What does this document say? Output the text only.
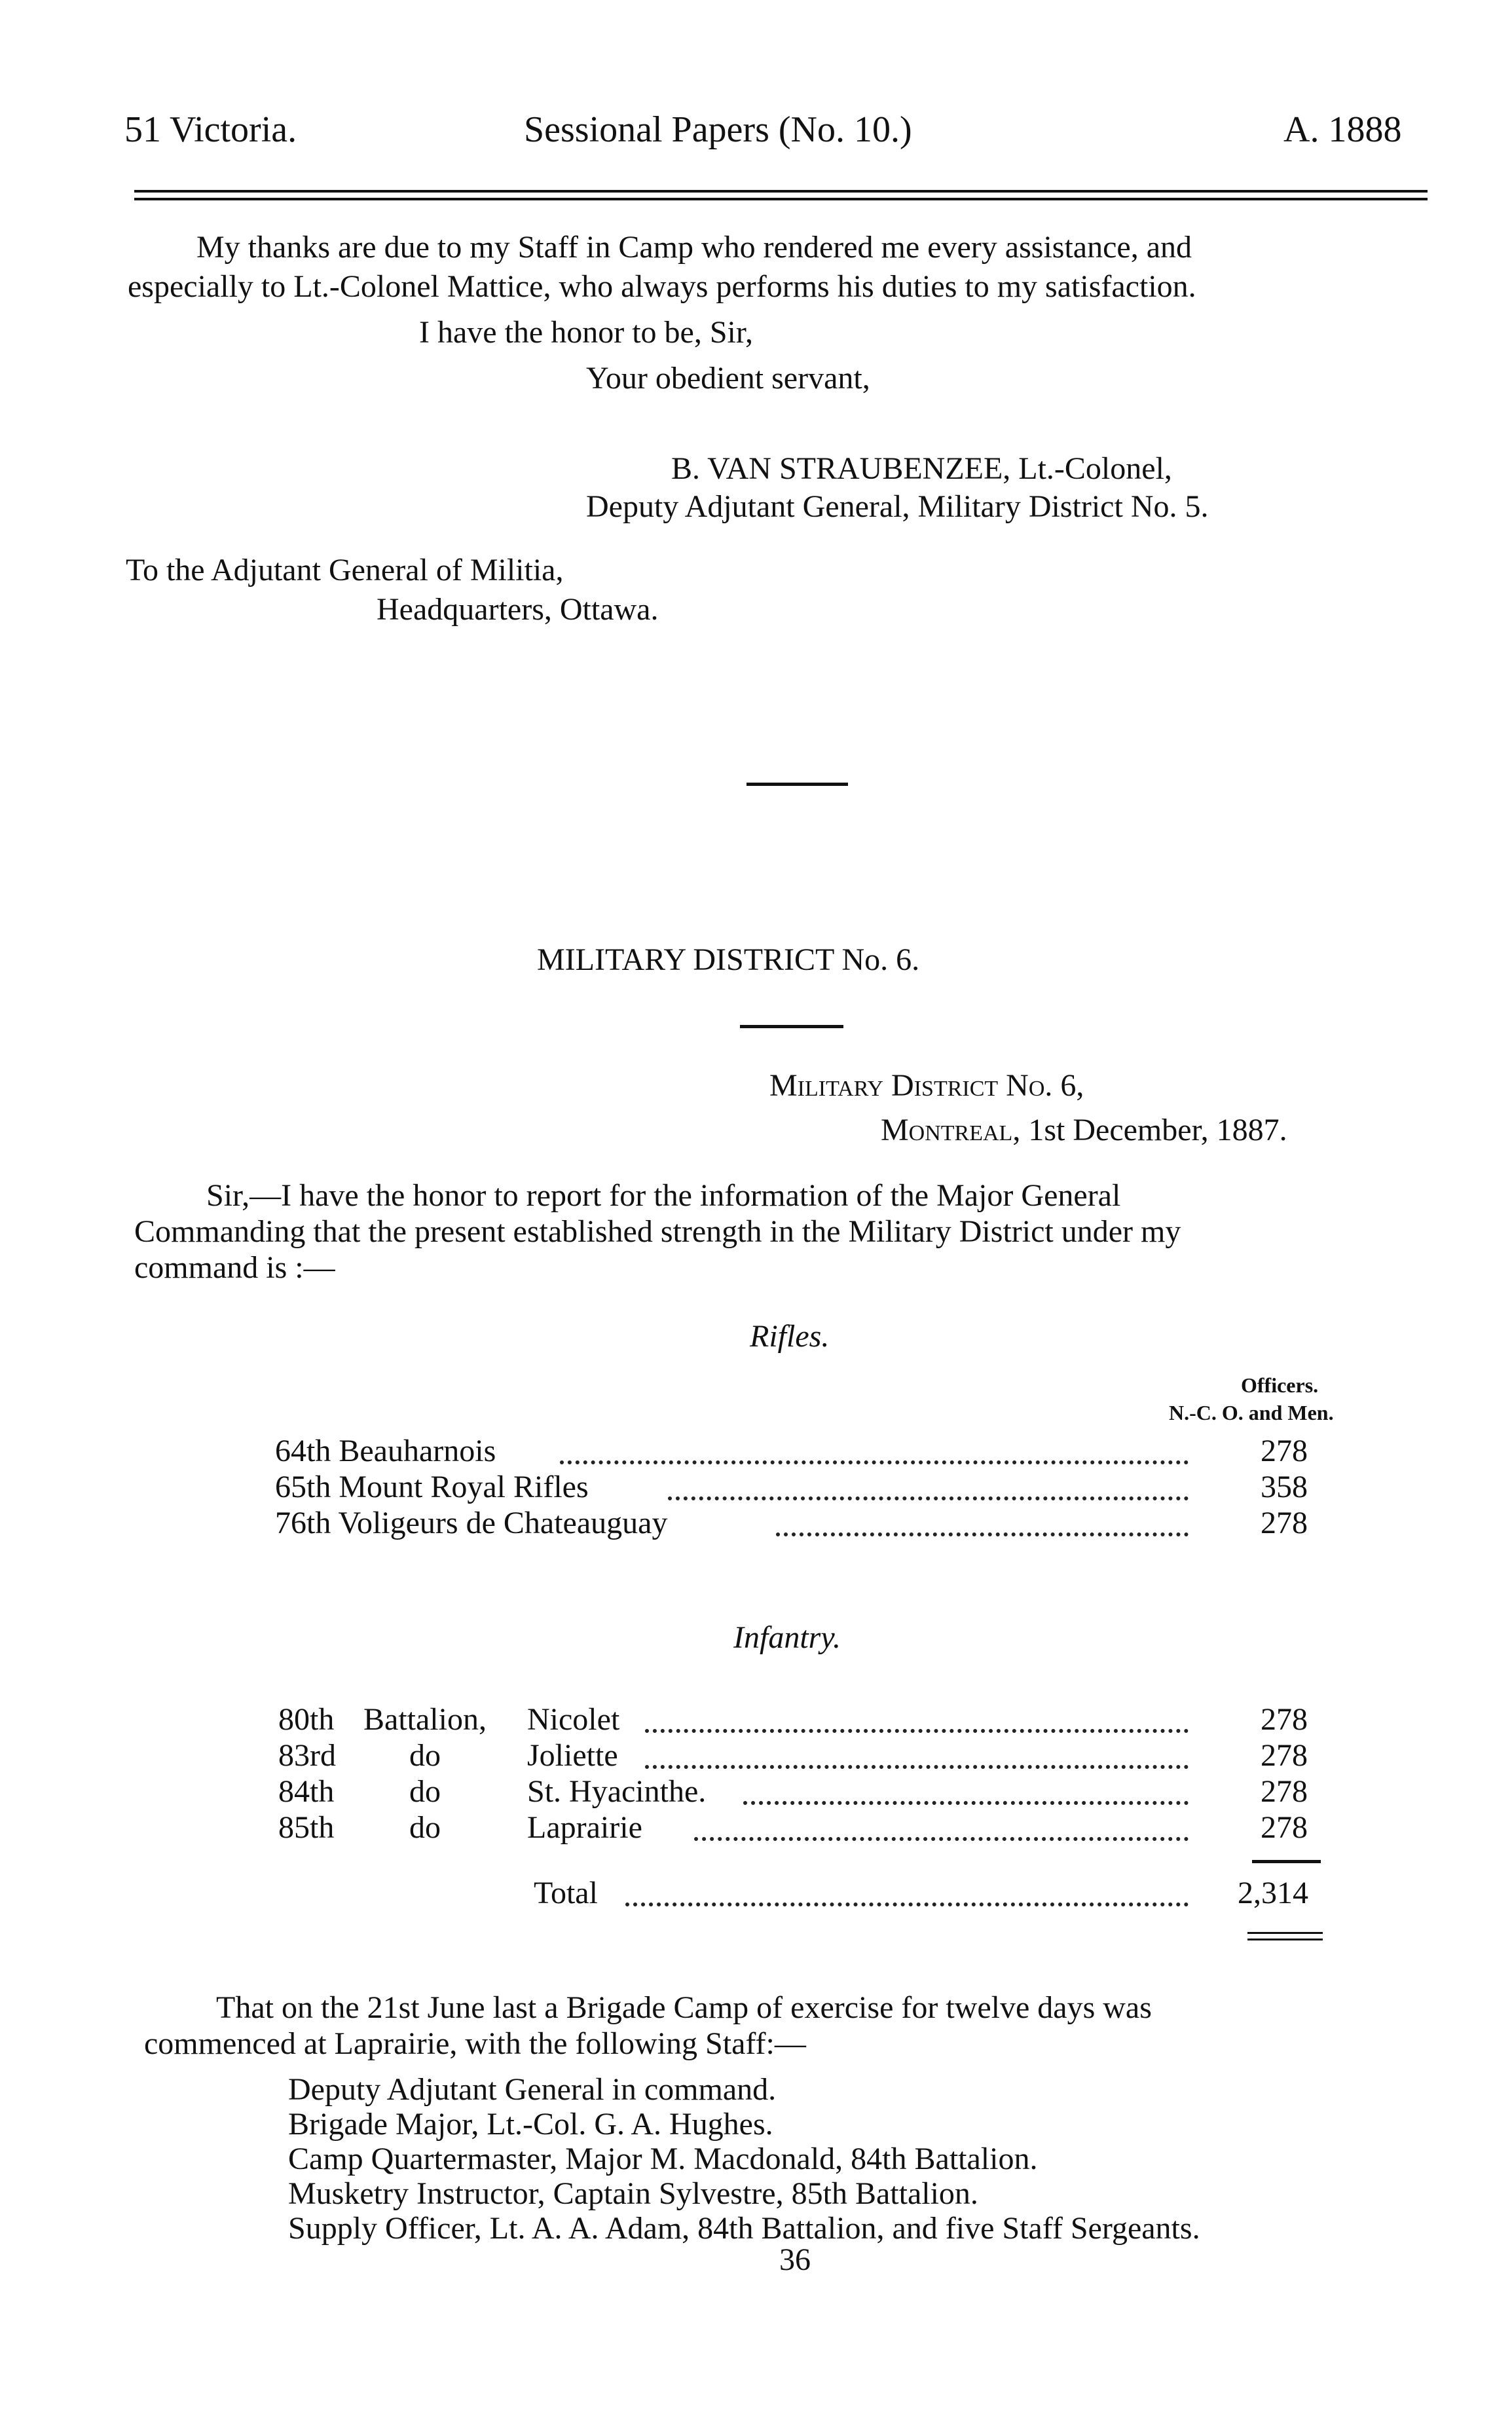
51 Victoria.	Sessional Papers (No. 10.)	A. 1888
My thanks are due to my Staff in Camp who rendered me every assistance, and
especially to Lt.-Colonel Mattice, who always performs his duties to my satisfaction.
I have the honor to be, Sir,
Your obedient servant,
B. VAN STRAUBENZEE, Lt.-Colonel,
Deputy Adjutant General, Military District No. 5.
To the Adjutant General of Militia,
Headquarters, Ottawa.
MILITARY DISTRICT No. 6.
Military District No. 6,
Montreal, 1st December, 1887.
Sir,—I have the honor to report for the information of the Major General
Commanding that the present established strength in the Military District under my
command is :—
Rifles.
Officers.
N.-C. O. and Men.
64th Beauharnois	278
65th Mount Royal Rifles	358
76th Voligeurs de Chateauguay	278
Infantry.
80th Battalion, Nicolet	278
83rd do	Joliette	278
84th do	St. Hyacinthe.	278
85th do	Laprairie	278
Total	2,314
That on the 21st June last a Brigade Camp of exercise for twelve days was
commenced at Laprairie, with the following Staff:—
Deputy Adjutant General in command.
Brigade Major, Lt.-Col. G. A. Hughes.
Camp Quartermaster, Major M. Macdonald, 84th Battalion.
Musketry Instructor, Captain Sylvestre, 85th Battalion.
Supply Officer, Lt. A. A. Adam, 84th Battalion, and five Staff Sergeants.
36
